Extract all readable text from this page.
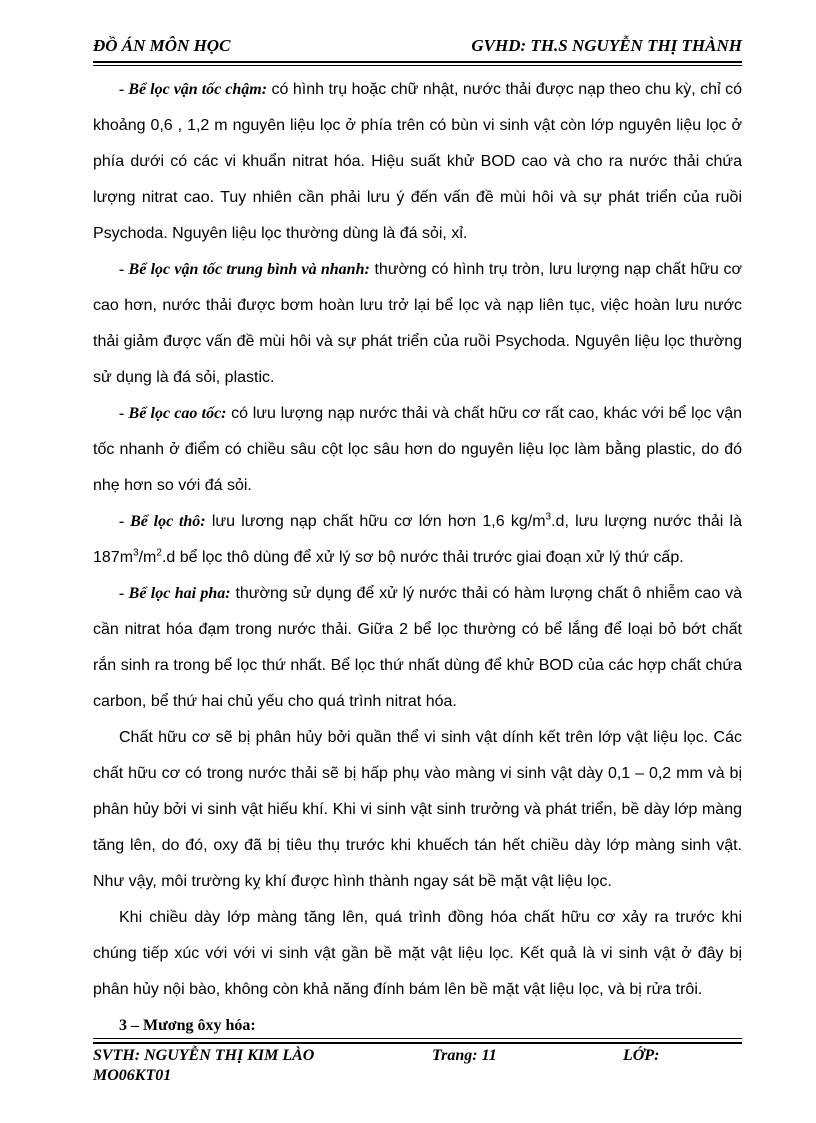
ĐỒ ÁN MÔN HỌC	GVHD: TH.S NGUYỄN THỊ THÀNH

- Bể lọc vận tốc chậm: có hình trụ hoặc chữ nhật, nước thải được nạp theo chu kỳ, chỉ có khoảng 0,6 , 1,2 m nguyên liệu lọc ở phía trên có bùn vi sinh vật còn lớp nguyên liệu lọc ở phía dưới có các vi khuẩn nitrat hóa. Hiệu suất khử BOD cao và cho ra nước thải chứa lượng nitrat cao. Tuy nhiên cần phải lưu ý đến vấn đề mùi hôi và sự phát triển của ruồi Psychoda. Nguyên liệu lọc thường dùng là đá sỏi, xỉ.

- Bể lọc vận tốc trung bình và nhanh: thường có hình trụ tròn, lưu lượng nạp chất hữu cơ cao hơn, nước thải được bơm hoàn lưu trở lại bể lọc và nạp liên tục, việc hoàn lưu nước thải giảm được vấn đề mùi hôi và sự phát triển của ruồi Psychoda. Nguyên liệu lọc thường sử dụng là đá sỏi, plastic.

- Bể lọc cao tốc: có lưu lượng nạp nước thải và chất hữu cơ rất cao, khác với bể lọc vận tốc nhanh ở điểm có chiều sâu cột lọc sâu hơn do nguyên liệu lọc làm bằng plastic, do đó nhẹ hơn so với đá sỏi.

- Bể lọc thô: lưu lương nạp chất hữu cơ lớn hơn 1,6 $kg/m^3.d$, lưu lượng nước thải là $187m^3/m^2.d$ bể lọc thô dùng để xử lý sơ bộ nước thải trước giai đoạn xử lý thứ cấp.

- Bể lọc hai pha: thường sử dụng để xử lý nước thải có hàm lượng chất ô nhiễm cao và cần nitrat hóa đạm trong nước thải. Giữa 2 bể lọc thường có bể lắng để loại bỏ bớt chất rắn sinh ra trong bể lọc thứ nhất. Bể lọc thứ nhất dùng để khử BOD của các hợp chất chứa carbon, bể thứ hai chủ yếu cho quá trình nitrat hóa.

Chất hữu cơ sẽ bị phân hủy bởi quần thể vi sinh vật dính kết trên lớp vật liệu lọc. Các chất hữu cơ có trong nước thải sẽ bị hấp phụ vào màng vi sinh vật dày 0,1 – 0,2 mm và bị phân hủy bởi vi sinh vật hiếu khí. Khi vi sinh vật sinh trưởng và phát triển, bề dày lớp màng tăng lên, do đó, oxy đã bị tiêu thụ trước khi khuếch tán hết chiều dày lớp màng sinh vật. Như vậy, môi trường kỵ khí được hình thành ngay sát bề mặt vật liệu lọc.

Khi chiều dày lớp màng tăng lên, quá trình đồng hóa chất hữu cơ xảy ra trước khi chúng tiếp xúc với với vi sinh vật gần bề mặt vật liệu lọc. Kết quả là vi sinh vật ở đây bị phân hủy nội bào, không còn khả năng đính bám lên bề mặt vật liệu lọc, và bị rửa trôi.

3 – Mương ôxy hóa:

SVTH: NGUYỄN THỊ KIM LÀO MO06KT01
Trang: 11	LỚP:
